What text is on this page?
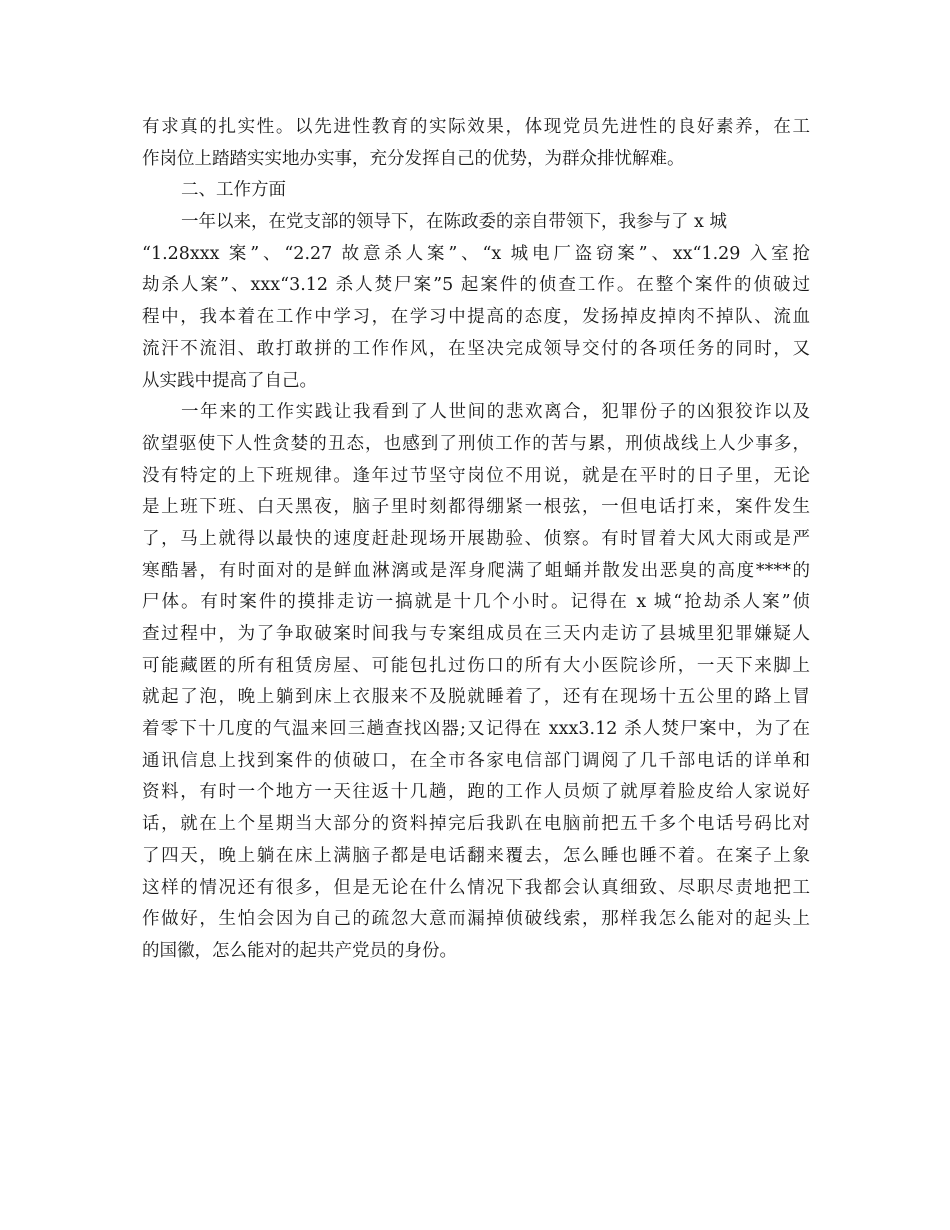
有求真的扎实性。以先进性教育的实际效果，体现党员先进性的良好素养，在工
作岗位上踏踏实实地办实事，充分发挥自己的优势，为群众排忧解难。
二、工作方面
一年以来，在党支部的领导下，在陈政委的亲自带领下，我参与了 x 城
“1.28xxx 案”、“2.27 故意杀人案”、“x 城电厂盗窃案”、xx“1.29 入室抢
劫杀人案”、xxx“3.12 杀人焚尸案”5 起案件的侦查工作。在整个案件的侦破过
程中，我本着在工作中学习，在学习中提高的态度，发扬掉皮掉肉不掉队、流血
流汗不流泪、敢打敢拼的工作作风，在坚决完成领导交付的各项任务的同时，又
从实践中提高了自己。
一年来的工作实践让我看到了人世间的悲欢离合，犯罪份子的凶狠狡诈以及
欲望驱使下人性贪婪的丑态，也感到了刑侦工作的苦与累，刑侦战线上人少事多，
没有特定的上下班规律。逢年过节坚守岗位不用说，就是在平时的日子里，无论
是上班下班、白天黑夜，脑子里时刻都得绷紧一根弦，一但电话打来，案件发生
了，马上就得以最快的速度赶赴现场开展勘验、侦察。有时冒着大风大雨或是严
寒酷暑，有时面对的是鲜血淋漓或是浑身爬满了蛆蛹并散发出恶臭的高度****的
尸体。有时案件的摸排走访一搞就是十几个小时。记得在 x 城“抢劫杀人案”侦
查过程中，为了争取破案时间我与专案组成员在三天内走访了县城里犯罪嫌疑人
可能藏匿的所有租赁房屋、可能包扎过伤口的所有大小医院诊所，一天下来脚上
就起了泡，晚上躺到床上衣服来不及脱就睡着了，还有在现场十五公里的路上冒
着零下十几度的气温来回三趟查找凶器;又记得在 xxx3.12 杀人焚尸案中，为了在
通讯信息上找到案件的侦破口，在全市各家电信部门调阅了几千部电话的详单和
资料，有时一个地方一天往返十几趟，跑的工作人员烦了就厚着脸皮给人家说好
话，就在上个星期当大部分的资料掉完后我趴在电脑前把五千多个电话号码比对
了四天，晚上躺在床上满脑子都是电话翻来覆去，怎么睡也睡不着。在案子上象
这样的情况还有很多，但是无论在什么情况下我都会认真细致、尽职尽责地把工
作做好，生怕会因为自己的疏忽大意而漏掉侦破线索，那样我怎么能对的起头上
的国徽，怎么能对的起共产党员的身份。
